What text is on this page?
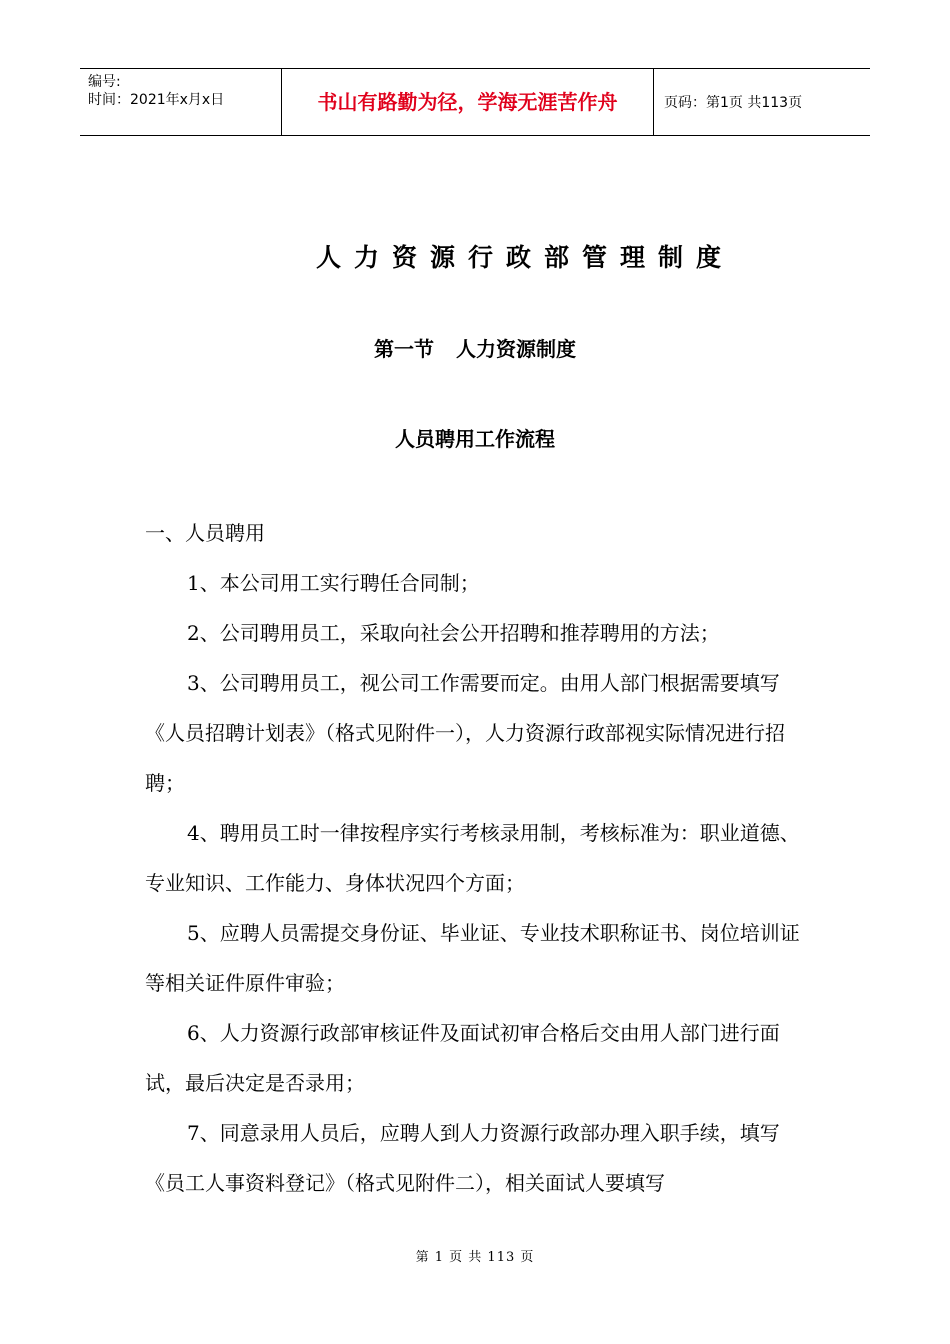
编号:
时间：2021年x月x日	书山有路勤为径，学海无涯苦作舟	页码：第1页 共113页
人力资源行政部管理制度
第一节 人力资源制度
人员聘用工作流程

一、人员聘用

1、本公司用工实行聘任合同制；

2、公司聘用员工，采取向社会公开招聘和推荐聘用的方法；

3、公司聘用员工，视公司工作需要而定。由用人部门根据需要填写《人员招聘计划表》（格式见附件一），人力资源行政部视实际情况进行招聘；

4、聘用员工时一律按程序实行考核录用制，考核标准为：职业道德、专业知识、工作能力、身体状况四个方面；

5、应聘人员需提交身份证、毕业证、专业技术职称证书、岗位培训证等相关证件原件审验；

6、人力资源行政部审核证件及面试初审合格后交由用人部门进行面试，最后决定是否录用；

7、同意录用人员后，应聘人到人力资源行政部办理入职手续，填写《员工人事资料登记》（格式见附件二），相关面试人要填写

第 1 页 共 113 页
